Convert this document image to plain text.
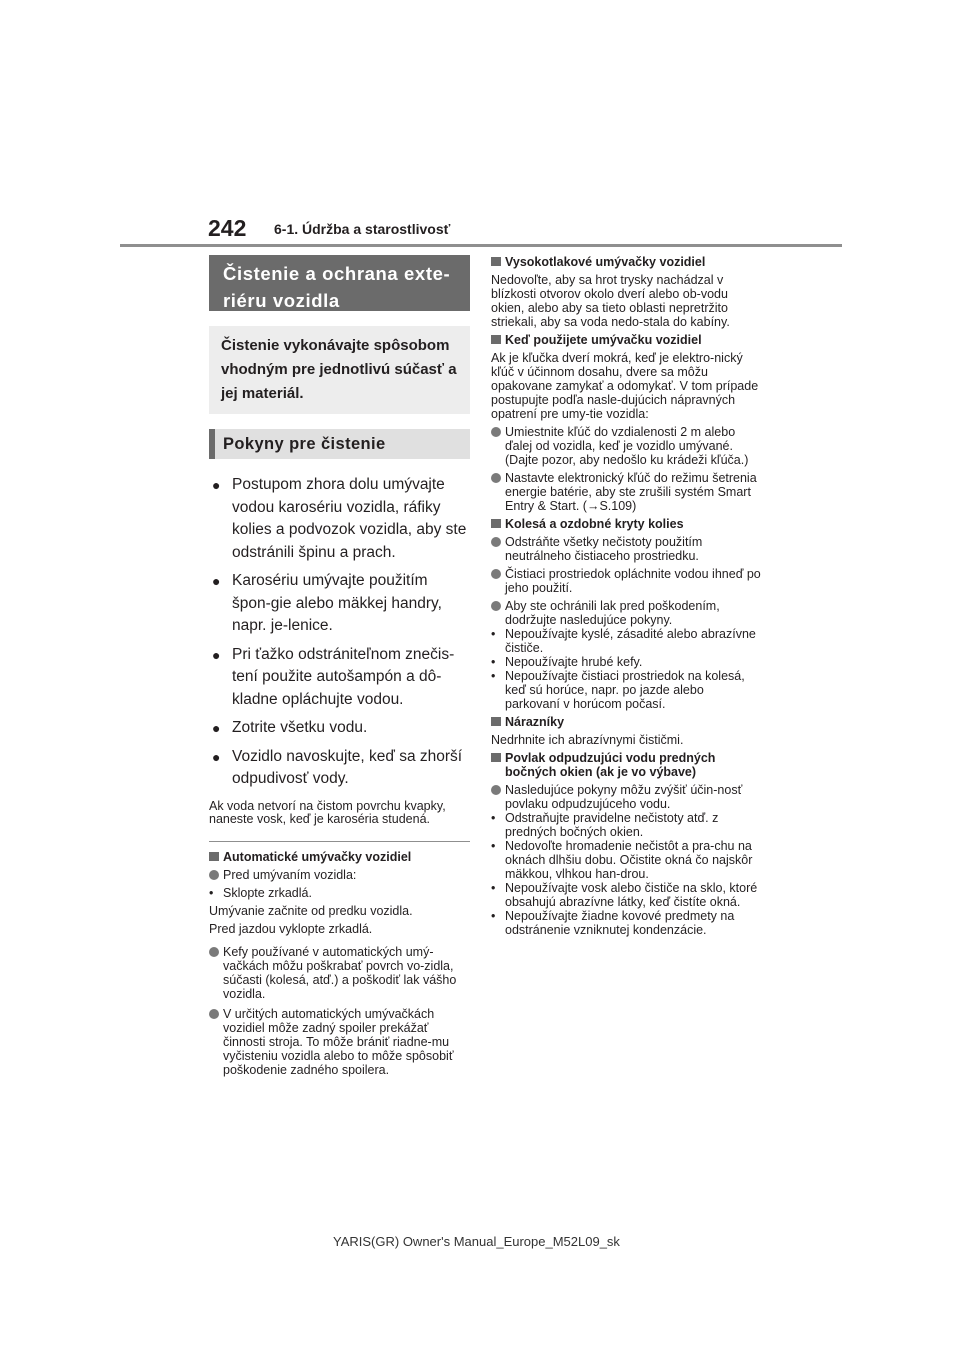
242 6-1. Údržba a starostlivosť
Čistenie a ochrana exte-riéru vozidla
Čistenie vykonávajte spôsobom vhodným pre jednotlivú súčasť a jej materiál.
Pokyny pre čistenie
● Postupom zhora dolu umývajte vodou karosériu vozidla, ráfiky kolies a podvozok vozidla, aby ste odstránili špinu a prach.
● Karosériu umývajte použitím špon-gie alebo mäkkej handry, napr. je-lenice.
● Pri ťažko odstrániteľnom znečis-tení použite autošampón a dô-kladne opláchujte vodou.
● Zotrite všetku vodu.
● Vozidlo navoskujte, keď sa zhorší odpudivosť vody.
Ak voda netvorí na čistom povrchu kvapky, naneste vosk, keď je karoséria studená.
Automatické umývačky vozidiel
Pred umývaním vozidla:
• Sklopte zrkadlá.
Umývanie začnite od predku vozidla.
Pred jazdou vyklopte zrkadlá.
Kefy používané v automatických umý-vačkách môžu poškrabať povrch vo-zidla, súčasti (kolesá, atď.) a poškodiť lak vášho vozidla.
V určitých automatických umývačkách vozidiel môže zadný spoiler prekážať činnosti stroja. To môže brániť riadne-mu vyčisteniu vozidla alebo to môže spôsobiť poškodenie zadného spoilera.
Vysokotlakové umývačky vozidiel
Nedovoľte, aby sa hrot trysky nachádzal v blízkosti otvorov okolo dverí alebo ob-vodu okien, alebo aby sa tieto oblasti nepretržito striekali, aby sa voda nedo-stala do kabíny.
Keď použijete umývačku vozidiel
Ak je kľučka dverí mokrá, keď je elektro-nický kľúč v účinnom dosahu, dvere sa môžu opakovane zamykať a odomykať. V tom prípade postupujte podľa nasle-dujúcich nápravných opatrení pre umy-tie vozidla:
Umiestnite kľúč do vzdialenosti 2 m alebo ďalej od vozidla, keď je vozidlo umývané. (Dajte pozor, aby nedošlo ku krádeži kľúča.)
Nastavte elektronický kľúč do režimu šetrenia energie batérie, aby ste zrušili systém Smart Entry & Start. (→S.109)
Kolesá a ozdobné kryty kolies
Odstráňte všetky nečistoty použitím neutrálneho čistiaceho prostriedku.
Čistiaci prostriedok opláchnite vodou ihneď po jeho použití.
Aby ste ochránili lak pred poškodením, dodržujte nasledujúce pokyny.
• Nepoužívajte kyslé, zásadité alebo abrazívne čističe.
• Nepoužívajte hrubé kefy.
• Nepoužívajte čistiaci prostriedok na kolesá, keď sú horúce, napr. po jazde alebo parkovaní v horúcom počasí.
Nárazníky
Nedrhnite ich abrazívnymi čističmi.
Povlak odpudzujúci vodu predných bočných okien (ak je vo výbave)
Nasledujúce pokyny môžu zvýšiť účin-nosť povlaku odpudzujúceho vodu.
• Odstraňujte pravidelne nečistoty atď. z predných bočných okien.
• Nedovoľte hromadenie nečistôt a pra-chu na oknách dlhšiu dobu. Očistite okná čo najskôr mäkkou, vlhkou han-drou.
• Nepoužívajte vosk alebo čističe na sklo, ktoré obsahujú abrazívne látky, keď čistíte okná.
• Nepoužívajte žiadne kovové predmety na odstránenie vzniknutej kondenzácie.
YARIS(GR) Owner's Manual_Europe_M52L09_sk
